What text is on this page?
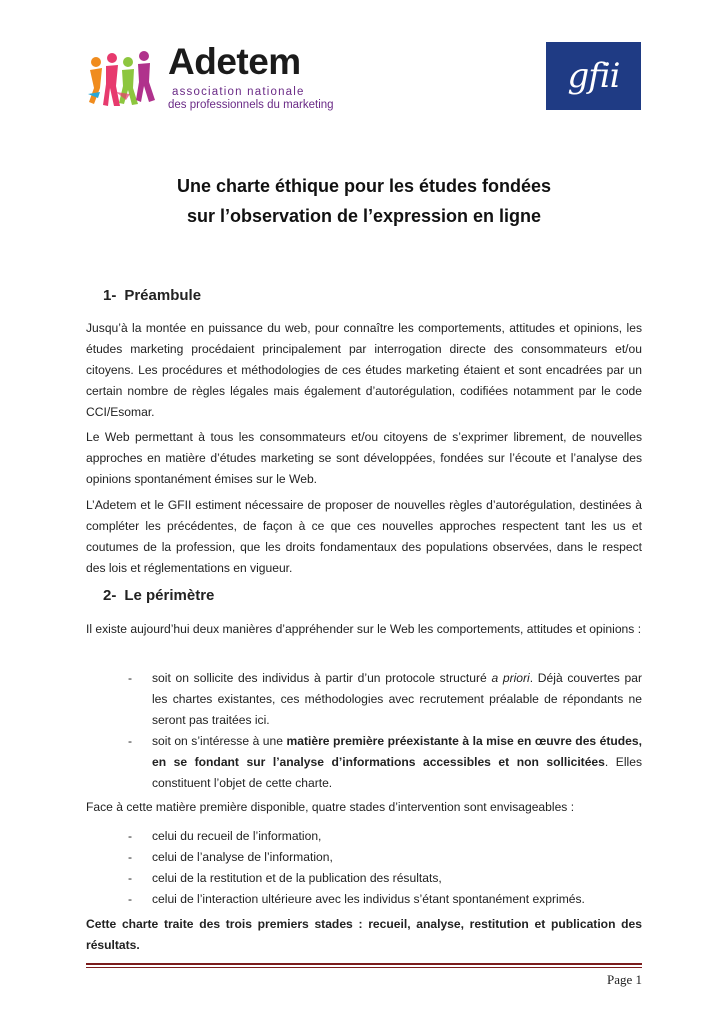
Adetem
association nationale
des professionnels du marketing
gfii
Une charte éthique pour les études fondées
sur l’observation de l’expression en ligne
1- Préambule
Jusqu’à la montée en puissance du web, pour connaître les comportements, attitudes et opinions, les études marketing procédaient principalement par interrogation directe des consommateurs et/ou citoyens. Les procédures et méthodologies de ces études marketing étaient et sont encadrées par un certain nombre de règles légales mais également d’autorégulation, codifiées notamment par le code CCI/Esomar.
Le Web permettant à tous les consommateurs et/ou citoyens de s’exprimer librement, de nouvelles approches en matière d’études marketing se sont développées, fondées sur l’écoute et l’analyse des opinions spontanément émises sur le Web.
L’Adetem et le GFII estiment nécessaire de proposer de nouvelles règles d’autorégulation, destinées à compléter les précédentes, de façon à ce que ces nouvelles approches respectent tant les us et coutumes de la profession, que les droits fondamentaux des populations observées, dans le respect des lois et réglementations en vigueur.
2- Le périmètre
Il existe aujourd’hui deux manières d’appréhender sur le Web les comportements, attitudes et opinions :
- soit on sollicite des individus à partir d’un protocole structuré a priori. Déjà couvertes par les chartes existantes, ces méthodologies avec recrutement préalable de répondants ne seront pas traitées ici.
- soit on s’intéresse à une matière première préexistante à la mise en œuvre des études, en se fondant sur l’analyse d’informations accessibles et non sollicitées. Elles constituent l’objet de cette charte.
Face à cette matière première disponible, quatre stades d’intervention sont envisageables :
- celui du recueil de l’information,
- celui de l’analyse de l’information,
- celui de la restitution et de la publication des résultats,
- celui de l’interaction ultérieure avec les individus s’étant spontanément exprimés.
Cette charte traite des trois premiers stades : recueil, analyse, restitution et publication des résultats.
Page 1
